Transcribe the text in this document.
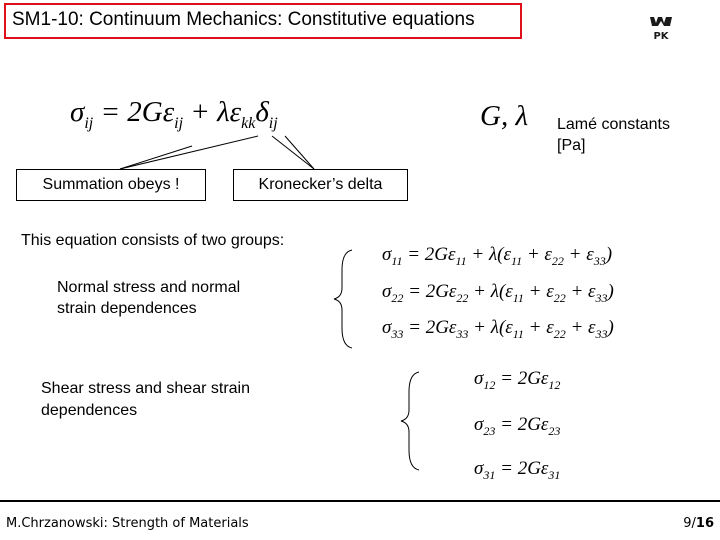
SM1-10: Continuum Mechanics: Constitutive equations
PK
$\sigma_{ij} = 2G\varepsilon_{ij} + \lambda\varepsilon_{kk}\delta_{ij}$	G, λ Lamé constants
[Pa]
Summation obeys !	Kronecker’s delta
This equation consists of two groups:
Normal stress and normal
strain dependences
$\sigma_{11} = 2G\varepsilon_{11} + \lambda(\varepsilon_{11} + \varepsilon_{22} + \varepsilon_{33})$
$\sigma_{22} = 2G\varepsilon_{22} + \lambda(\varepsilon_{11} + \varepsilon_{22} + \varepsilon_{33})$
$\sigma_{33} = 2G\varepsilon_{33} + \lambda(\varepsilon_{11} + \varepsilon_{22} + \varepsilon_{33})$
Shear stress and shear strain
dependences
$\sigma_{12} = 2G\varepsilon_{12}$
$\sigma_{23} = 2G\varepsilon_{23}$
$\sigma_{31} = 2G\varepsilon_{31}$
M.Chrzanowski: Strength of Materials	9/16
